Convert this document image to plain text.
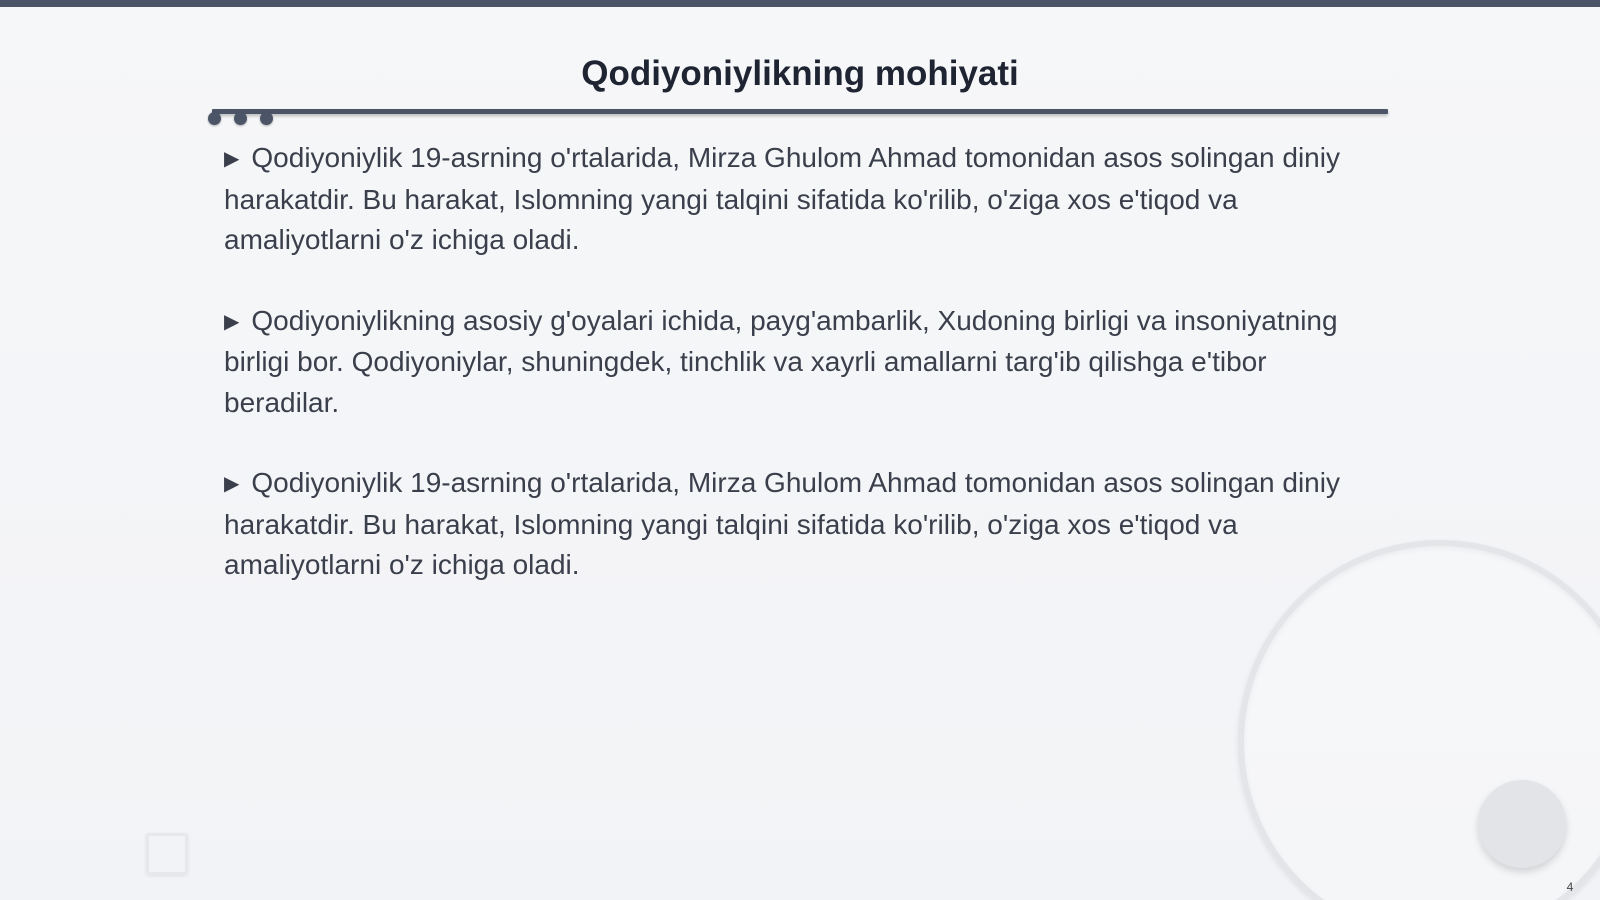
Qodiyoniylikning mohiyati

▶ Qodiyoniylik 19-asrning o'rtalarida, Mirza Ghulom Ahmad tomonidan asos solingan diniy harakatdir. Bu harakat, Islomning yangi talqini sifatida ko'rilib, o'ziga xos e'tiqod va amaliyotlarni o'z ichiga oladi.

▶ Qodiyoniylikning asosiy g'oyalari ichida, payg'ambarlik, Xudoning birligi va insoniyatning birligi bor. Qodiyoniylar, shuningdek, tinchlik va xayrli amallarni targ'ib qilishga e'tibor beradilar.

▶ Qodiyoniylik 19-asrning o'rtalarida, Mirza Ghulom Ahmad tomonidan asos solingan diniy harakatdir. Bu harakat, Islomning yangi talqini sifatida ko'rilib, o'ziga xos e'tiqod va amaliyotlarni o'z ichiga oladi.

4
